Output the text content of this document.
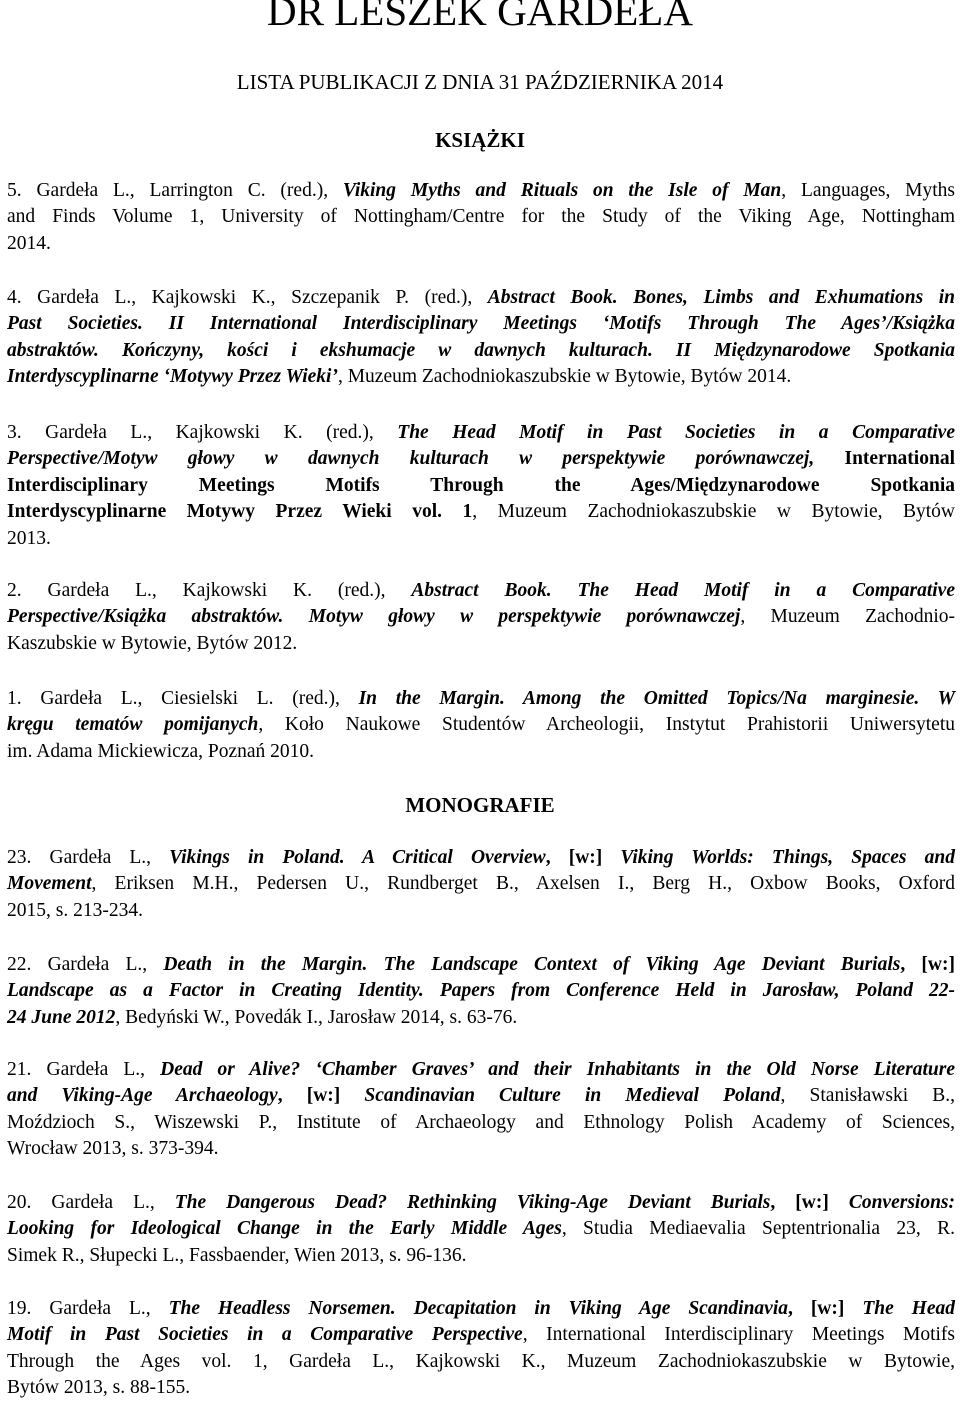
DR LESZEK GARDEŁA
LISTA PUBLIKACJI Z DNIA 31 PAŹDZIERNIKA 2014
KSIĄŻKI
5. Gardeła L., Larrington C. (red.), Viking Myths and Rituals on the Isle of Man, Languages, Myths
and Finds Volume 1, University of Nottingham/Centre for the Study of the Viking Age, Nottingham
2014.
4. Gardeła L., Kajkowski K., Szczepanik P. (red.), Abstract Book. Bones, Limbs and Exhumations in
Past Societies. II International Interdisciplinary Meetings ‘Motifs Through The Ages’/Książka
abstraktów. Kończyny, kości i ekshumacje w dawnych kulturach. II Międzynarodowe Spotkania
Interdyscyplinarne ‘Motywy Przez Wieki’, Muzeum Zachodniokaszubskie w Bytowie, Bytów 2014.
3. Gardeła L., Kajkowski K. (red.), The Head Motif in Past Societies in a Comparative
Perspective/Motyw głowy w dawnych kulturach w perspektywie porównawczej, International
Interdisciplinary Meetings Motifs Through the Ages/Międzynarodowe Spotkania
Interdyscyplinarne Motywy Przez Wieki vol. 1, Muzeum Zachodniokaszubskie w Bytowie, Bytów
2013.
2. Gardeła L., Kajkowski K. (red.), Abstract Book. The Head Motif in a Comparative
Perspective/Książka abstraktów. Motyw głowy w perspektywie porównawczej, Muzeum Zachodnio-
Kaszubskie w Bytowie, Bytów 2012.
1. Gardeła L., Ciesielski L. (red.), In the Margin. Among the Omitted Topics/Na marginesie. W
kręgu tematów pomijanych, Koło Naukowe Studentów Archeologii, Instytut Prahistorii Uniwersytetu
im. Adama Mickiewicza, Poznań 2010.
MONOGRAFIE
23. Gardeła L., Vikings in Poland. A Critical Overview, [w:] Viking Worlds: Things, Spaces and
Movement, Eriksen M.H., Pedersen U., Rundberget B., Axelsen I., Berg H., Oxbow Books, Oxford
2015, s. 213-234.
22. Gardeła L., Death in the Margin. The Landscape Context of Viking Age Deviant Burials, [w:]
Landscape as a Factor in Creating Identity. Papers from Conference Held in Jarosław, Poland 22-
24 June 2012, Bedyński W., Povedák I., Jarosław 2014, s. 63-76.
21. Gardeła L., Dead or Alive? ‘Chamber Graves’ and their Inhabitants in the Old Norse Literature
and Viking-Age Archaeology, [w:] Scandinavian Culture in Medieval Poland, Stanisławski B.,
Moździoch S., Wiszewski P., Institute of Archaeology and Ethnology Polish Academy of Sciences,
Wrocław 2013, s. 373-394.
20. Gardeła L., The Dangerous Dead? Rethinking Viking-Age Deviant Burials, [w:] Conversions:
Looking for Ideological Change in the Early Middle Ages, Studia Mediaevalia Septentrionalia 23, R.
Simek R., Słupecki L., Fassbaender, Wien 2013, s. 96-136.
19. Gardeła L., The Headless Norsemen. Decapitation in Viking Age Scandinavia, [w:] The Head
Motif in Past Societies in a Comparative Perspective, International Interdisciplinary Meetings Motifs
Through the Ages vol. 1, Gardeła L., Kajkowski K., Muzeum Zachodniokaszubskie w Bytowie,
Bytów 2013, s. 88-155.
